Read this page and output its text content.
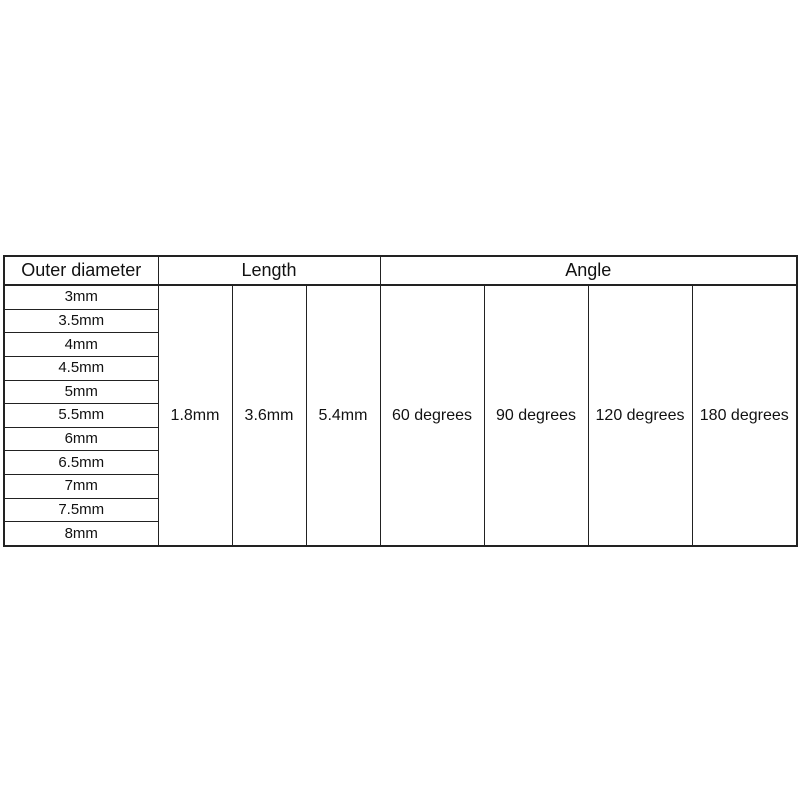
Outer diameter	Length			Angle			
3mm	1.8mm	3.6mm	5.4mm	60 degrees	90 degrees	120 degrees	180 degrees
3.5mm							
4mm							
4.5mm							
5mm							
5.5mm							
6mm							
6.5mm							
7mm							
7.5mm							
8mm							
